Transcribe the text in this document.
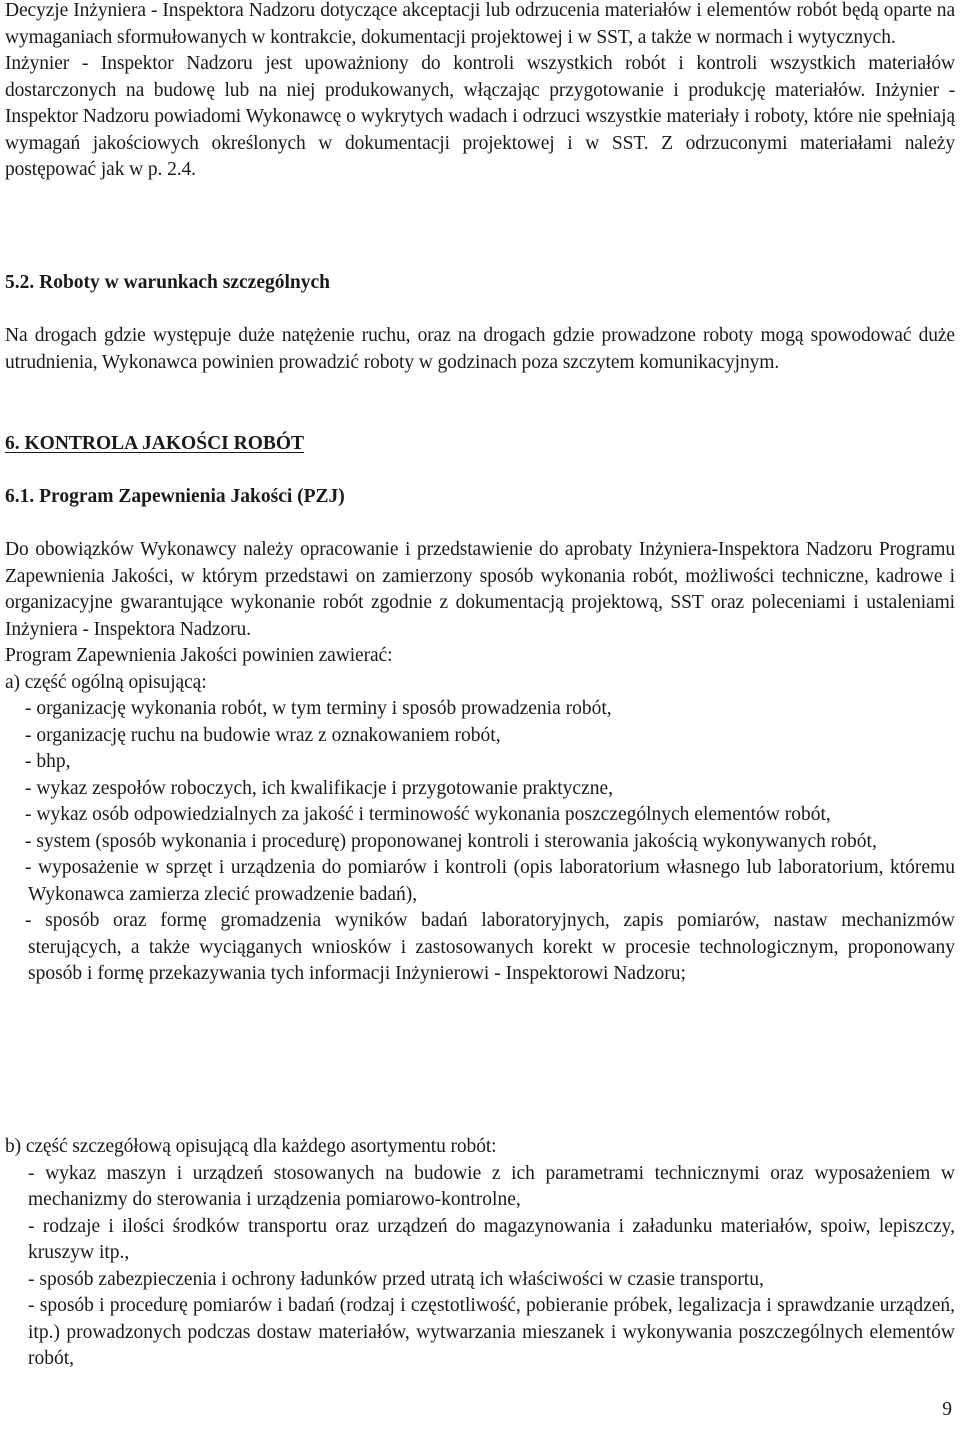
Decyzje Inżyniera - Inspektora Nadzoru dotyczące akceptacji lub odrzucenia materiałów i elementów robót będą oparte na wymaganiach sformułowanych w kontrakcie, dokumentacji projektowej i w SST, a także w normach i wytycznych.

Inżynier - Inspektor Nadzoru jest upoważniony do kontroli wszystkich robót i kontroli wszystkich materiałów dostarczonych na budowę lub na niej produkowanych, włączając przygotowanie i produkcję materiałów. Inżynier - Inspektor Nadzoru powiadomi Wykonawcę o wykrytych wadach i odrzuci wszystkie materiały i roboty, które nie spełniają wymagań jakościowych określonych w dokumentacji projektowej i w SST. Z odrzuconymi materiałami należy postępować jak w p. 2.4.

5.2. Roboty w warunkach szczególnych

Na drogach gdzie występuje duże natężenie ruchu, oraz na drogach gdzie prowadzone roboty mogą spowodować duże utrudnienia, Wykonawca powinien prowadzić roboty w godzinach poza szczytem komunikacyjnym.

6. KONTROLA JAKOŚCI ROBÓT
6.1. Program Zapewnienia Jakości (PZJ)

Do obowiązków Wykonawcy należy opracowanie i przedstawienie do aprobaty Inżyniera-Inspektora Nadzoru Programu Zapewnienia Jakości, w którym przedstawi on zamierzony sposób wykonania robót, możliwości techniczne, kadrowe i organizacyjne gwarantujące wykonanie robót zgodnie z dokumentacją projektową, SST oraz poleceniami i ustaleniami Inżyniera - Inspektora Nadzoru.

Program Zapewnienia Jakości powinien zawierać:

a) część ogólną opisującą:

- organizację wykonania robót, w tym terminy i sposób prowadzenia robót,
- organizację ruchu na budowie wraz z oznakowaniem robót,
- bhp,
- wykaz zespołów roboczych, ich kwalifikacje i przygotowanie praktyczne,
- wykaz osób odpowiedzialnych za jakość i terminowość wykonania poszczególnych elementów robót,
- system (sposób wykonania i procedurę) proponowanej kontroli i sterowania jakością wykonywanych robót,
- wyposażenie w sprzęt i urządzenia do pomiarów i kontroli (opis laboratorium własnego lub laboratorium, któremu Wykonawca zamierza zlecić prowadzenie badań),
- sposób oraz formę gromadzenia wyników badań laboratoryjnych, zapis pomiarów, nastaw mechanizmów sterujących, a także wyciąganych wniosków i zastosowanych korekt w procesie technologicznym, proponowany sposób i formę przekazywania tych informacji Inżynierowi - Inspektorowi Nadzoru;

b) część szczegółową opisującą dla każdego asortymentu robót:

- wykaz maszyn i urządzeń stosowanych na budowie z ich parametrami technicznymi oraz wyposażeniem w mechanizmy do sterowania i urządzenia pomiarowo-kontrolne,
- rodzaje i ilości środków transportu oraz urządzeń do magazynowania i załadunku materiałów, spoiw, lepiszczy, kruszyw itp.,
- sposób zabezpieczenia i ochrony ładunków przed utratą ich właściwości w czasie transportu,
- sposób i procedurę pomiarów i badań (rodzaj i częstotliwość, pobieranie próbek, legalizacja i sprawdzanie urządzeń, itp.) prowadzonych podczas dostaw materiałów, wytwarzania mieszanek i wykonywania poszczególnych elementów robót,
9
